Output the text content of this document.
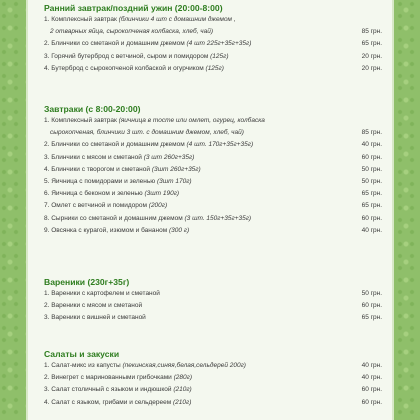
Ранний завтрак/поздний ужин (20:00-8:00)
1. Комплексный завтрак (блинчики 4 шт с домашним джемом ,
2 отварных яйца, сырокопченая колбаска, хлеб, чай)	85 грн.
2. Блинчики со сметаной и домашним джемом (4 шт 225г+35г+35г)	65 грн.
3. Горячий бутерброд с ветчиной, сыром и помидором (125г)	20 грн.
4. Бутерброд с сырокопченой колбаской и огурчиком (125г)	20 грн.
Завтраки (с 8:00-20:00)
1. Комплексный завтрак (яичница в тосте или омлет, огурец, колбаска
сырокопченая, блинчики 3 шт. с домашним джемом, хлеб, чай)	85 грн.
2. Блинчики со сметаной и домашним джемом (4 шт. 170г+35г+35г)	40 грн.
3. Блинчики с мясом и сметаной (3 шт 260г+35г)	60 грн.
4. Блинчики с творогом и сметаной (3шт 260г+35г)	50 грн.
5. Яичница с помидорами и зеленью (3шт 170г)	50 грн.
6. Яичница с беконом и зеленью (3шт 190г)	65 грн.
7. Омлет с ветчиной и помидором (200г)	65 грн.
8. Сырники со сметаной и домашним джемом (3 шт. 150г+35г+35г)	60 грн.
9. Овсянка с курагой, изюмом и бананом (300 г)	40 грн.
Вареники (230г+35г)
1. Вареники с картофелем и сметаной	50 грн.
2. Вареники с мясом и сметаной	60 грн.
3. Вареники с вишней и сметаной	65 грн.
Салаты и закуски
1. Салат-микс из капусты (пекинская,синяя,белая,сельдерей 200г)	40 грн.
2. Винегрет с маринованными грибочками (280г)	40 грн.
3. Салат столичный с языком и индюшкой (210г)	60 грн.
4. Салат с языком, грибами и сельдереем (210г)	60 грн.
